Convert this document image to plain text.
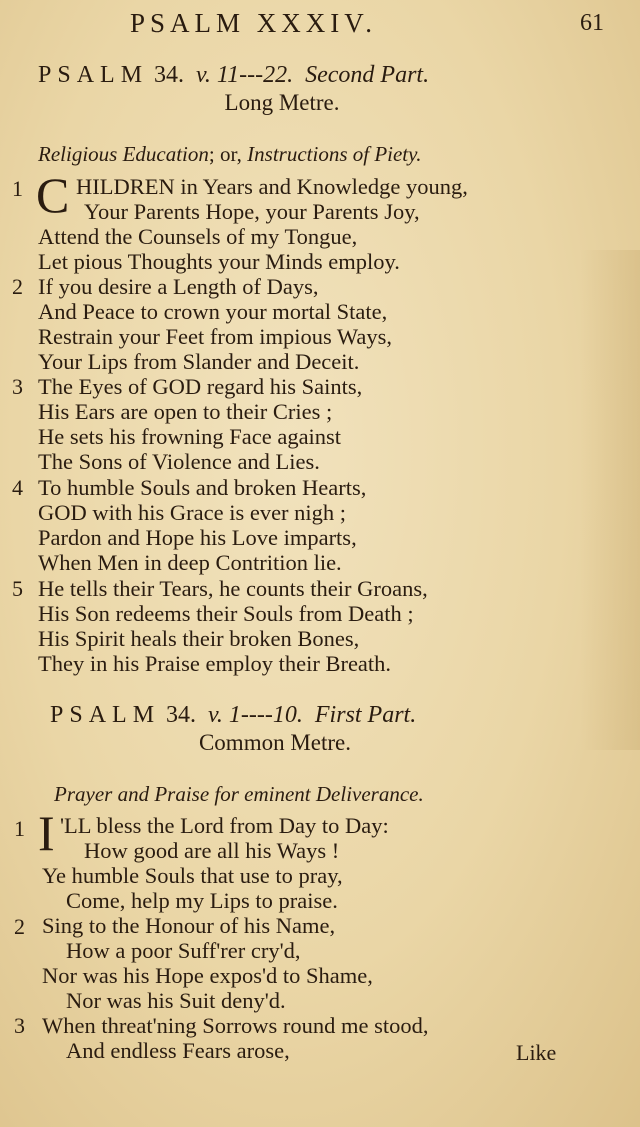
PSALM XXXIV.	61
PSALM 34. v. 11---22. Second Part.
Long Metre.
Religious Education; or, Instructions of Piety.
1 C HILDREN in Years and Knowledge young,
Your Parents Hope, your Parents Joy,
Attend the Counsels of my Tongue,
Let pious Thoughts your Minds employ.
2 If you desire a Length of Days,
And Peace to crown your mortal State,
Restrain your Feet from impious Ways,
Your Lips from Slander and Deceit.
3 The Eyes of GOD regard his Saints,
His Ears are open to their Cries ;
He sets his frowning Face against
The Sons of Violence and Lies.
4 To humble Souls and broken Hearts,
GOD with his Grace is ever nigh ;
Pardon and Hope his Love imparts,
When Men in deep Contrition lie.
5 He tells their Tears, he counts their Groans,
His Son redeems their Souls from Death ;
His Spirit heals their broken Bones,
They in his Praise employ their Breath.
PSALM 34. v. 1----10. First Part.
Common Metre.
Prayer and Praise for eminent Deliverance.
1 I 'LL bless the Lord from Day to Day:
How good are all his Ways !
Ye humble Souls that use to pray,
Come, help my Lips to praise.
2 Sing to the Honour of his Name,
How a poor Suff'rer cry'd,
Nor was his Hope expos'd to Shame,
Nor was his Suit deny'd.
3 When threat'ning Sorrows round me stood,
And endless Fears arose,	Like
